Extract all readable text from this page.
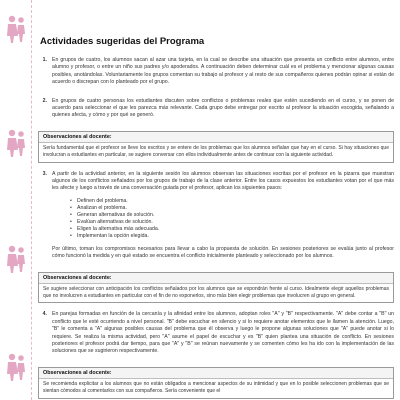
Actividades sugeridas del Programa
1. En grupos de cuatro, los alumnos sacan al azar una tarjeta, en la cual se describe una situación que presenta un conflicto entre alumnos, entre alumno y profesor, o entre un niño sus padres y/o apoderados. A continuación deben determinar cuál es el problema y mencionar algunas causas posibles, anotándolas. Voluntariamente los grupos comentan su trabajo al profesor y al resto de sus compañeros quienes podrán opinar si están de acuerdo o discrepan con lo planteado por el grupo.

2. En grupos de cuatro personas los estudiantes discuten sobre conflictos o problemas reales que estén sucediendo en el curso, y se ponen de acuerdo para seleccionar el que les parezca más relevante. Cada grupo debe entregar por escrito al profesor la situación escogida, señalando a quienes afecta, y cómo y por qué se generó.

Observaciones al docente:
Sería fundamental que el profesor se lleve los escritos y se entere de los problemas que los alumnos señalan que hay en el curso. Si hay situaciones que involucran a estudiantes en particular, se sugiere conversar con ellos individualmente antes de continuar con la siguiente actividad.
3. A partir de la actividad anterior, en la siguiente sesión los alumnos observan las situaciones escritas por el profesor en la pizarra que muestran algunos de los conflictos señalados por los grupos de trabajo de la clase anterior. Entre los casos expuestos los estudiantes votan por el que más les afecte y luego a través de una conversación guiada por el profesor, aplican los siguientes pasos:

• Definen del problema.
• Analizan el problema.
• Generan alternativas de solución.
• Evalúan alternativas de solución.
• Eligen la alternativa más adecuada.
• Implementan la opción elegida.

Por último, toman los compromisos necesarios para llevar a cabo la propuesta de solución. En sesiones posteriores se evalúa junto al profesor cómo funcionó la medida y en qué estado se encuentra el conflicto inicialmente planteado y seleccionado por los alumnos.

Observaciones al docente:
Se sugiere seleccionar con anticipación los conflictos señalados por los alumnos que se expondrán frente al curso. Idealmente elegir aquellos problemas que no involucren a estudiantes en particular con el fin de no exponerlos, sino más bien elegir problemas que involucren al grupo en general.
4. En parejas formadas en función de la cercanía y la afinidad entre los alumnos, adoptan roles "A" y "B" respectivamente. "A" debe contar a "B" un conflicto que le esté ocurriendo a nivel personal. "B" debe escuchar en silencio y si lo requiere anotar elementos que le llamen la atención. Luego, "B" le comenta a "A" algunas posibles causas del problema que él observa y luego le propone algunas soluciones que "A" puede anotar si lo requiere. Se realiza la misma actividad, pero "A" asume el papel de escuchar y es "B" quien plantea una situación de conflicto. En sesiones posteriores el profesor podrá dar tiempo, para que "A" y "B" se reúnan nuevamente y se comenten cómo les ha ido con la implementación de las soluciones que se sugirieron respectivamente.

Observaciones al docente:
Se recomienda explicitar a los alumnos que no están obligados a mencionar aspectos de su intimidad y que en lo posible seleccionen problemas que se sientan cómodos al comentarlos con sus compañeros. Sería conveniente que el
